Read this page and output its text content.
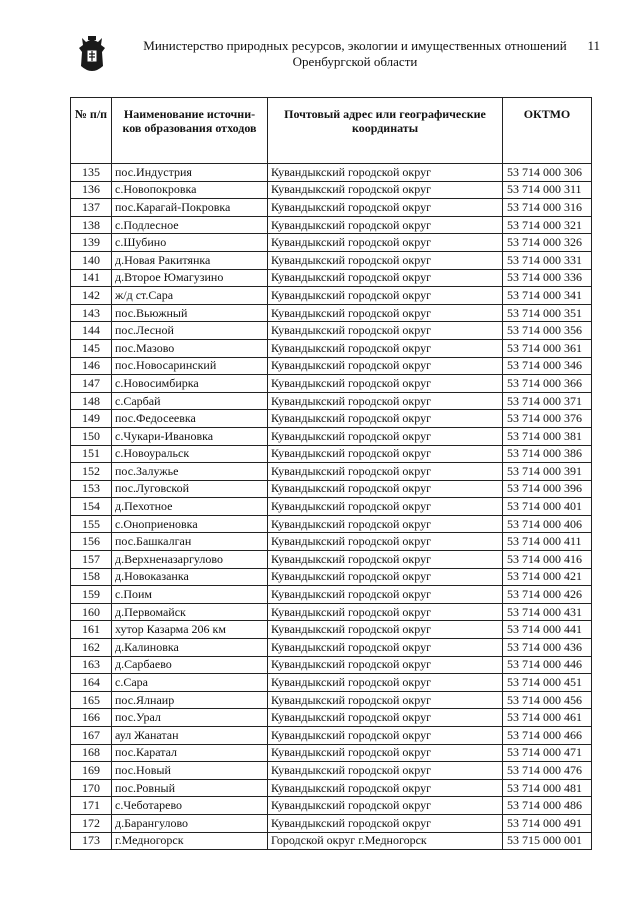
Министерство природных ресурсов, экологии и имущественных отношений
Оренбургской области
11
№ п/п	Наименование источни-ков образования отходов	Почтовый адрес или географические координаты	ОКТМО
135	пос.Индустрия	Кувандыкский городской округ	53 714 000 306
136	с.Новопокровка	Кувандыкский городской округ	53 714 000 311
137	пос.Карагай-Покровка	Кувандыкский городской округ	53 714 000 316
138	с.Подлесное	Кувандыкский городской округ	53 714 000 321
139	с.Шубино	Кувандыкский городской округ	53 714 000 326
140	д.Новая Ракитянка	Кувандыкский городской округ	53 714 000 331
141	д.Второе Юмагузино	Кувандыкский городской округ	53 714 000 336
142	ж/д ст.Сара	Кувандыкский городской округ	53 714 000 341
143	пос.Вьюжный	Кувандыкский городской округ	53 714 000 351
144	пос.Лесной	Кувандыкский городской округ	53 714 000 356
145	пос.Мазово	Кувандыкский городской округ	53 714 000 361
146	пос.Новосаринский	Кувандыкский городской округ	53 714 000 346
147	с.Новосимбирка	Кувандыкский городской округ	53 714 000 366
148	с.Сарбай	Кувандыкский городской округ	53 714 000 371
149	пос.Федосеевка	Кувандыкский городской округ	53 714 000 376
150	с.Чукари-Ивановка	Кувандыкский городской округ	53 714 000 381
151	с.Новоуральск	Кувандыкский городской округ	53 714 000 386
152	пос.Залужье	Кувандыкский городской округ	53 714 000 391
153	пос.Луговской	Кувандыкский городской округ	53 714 000 396
154	д.Пехотное	Кувандыкский городской округ	53 714 000 401
155	с.Оноприеновка	Кувандыкский городской округ	53 714 000 406
156	пос.Башкалган	Кувандыкский городской округ	53 714 000 411
157	д.Верхненазаргулово	Кувандыкский городской округ	53 714 000 416
158	д.Новоказанка	Кувандыкский городской округ	53 714 000 421
159	с.Поим	Кувандыкский городской округ	53 714 000 426
160	д.Первомайск	Кувандыкский городской округ	53 714 000 431
161	хутор Казарма 206 км	Кувандыкский городской округ	53 714 000 441
162	д.Калиновка	Кувандыкский городской округ	53 714 000 436
163	д.Сарбаево	Кувандыкский городской округ	53 714 000 446
164	с.Сара	Кувандыкский городской округ	53 714 000 451
165	пос.Ялнаир	Кувандыкский городской округ	53 714 000 456
166	пос.Урал	Кувандыкский городской округ	53 714 000 461
167	аул Жанатан	Кувандыкский городской округ	53 714 000 466
168	пос.Каратал	Кувандыкский городской округ	53 714 000 471
169	пос.Новый	Кувандыкский городской округ	53 714 000 476
170	пос.Ровный	Кувандыкский городской округ	53 714 000 481
171	с.Чеботарево	Кувандыкский городской округ	53 714 000 486
172	д.Барангулово	Кувандыкский городской округ	53 714 000 491
173	г.Медногорск	Городской округ г.Медногорск	53 715 000 001
